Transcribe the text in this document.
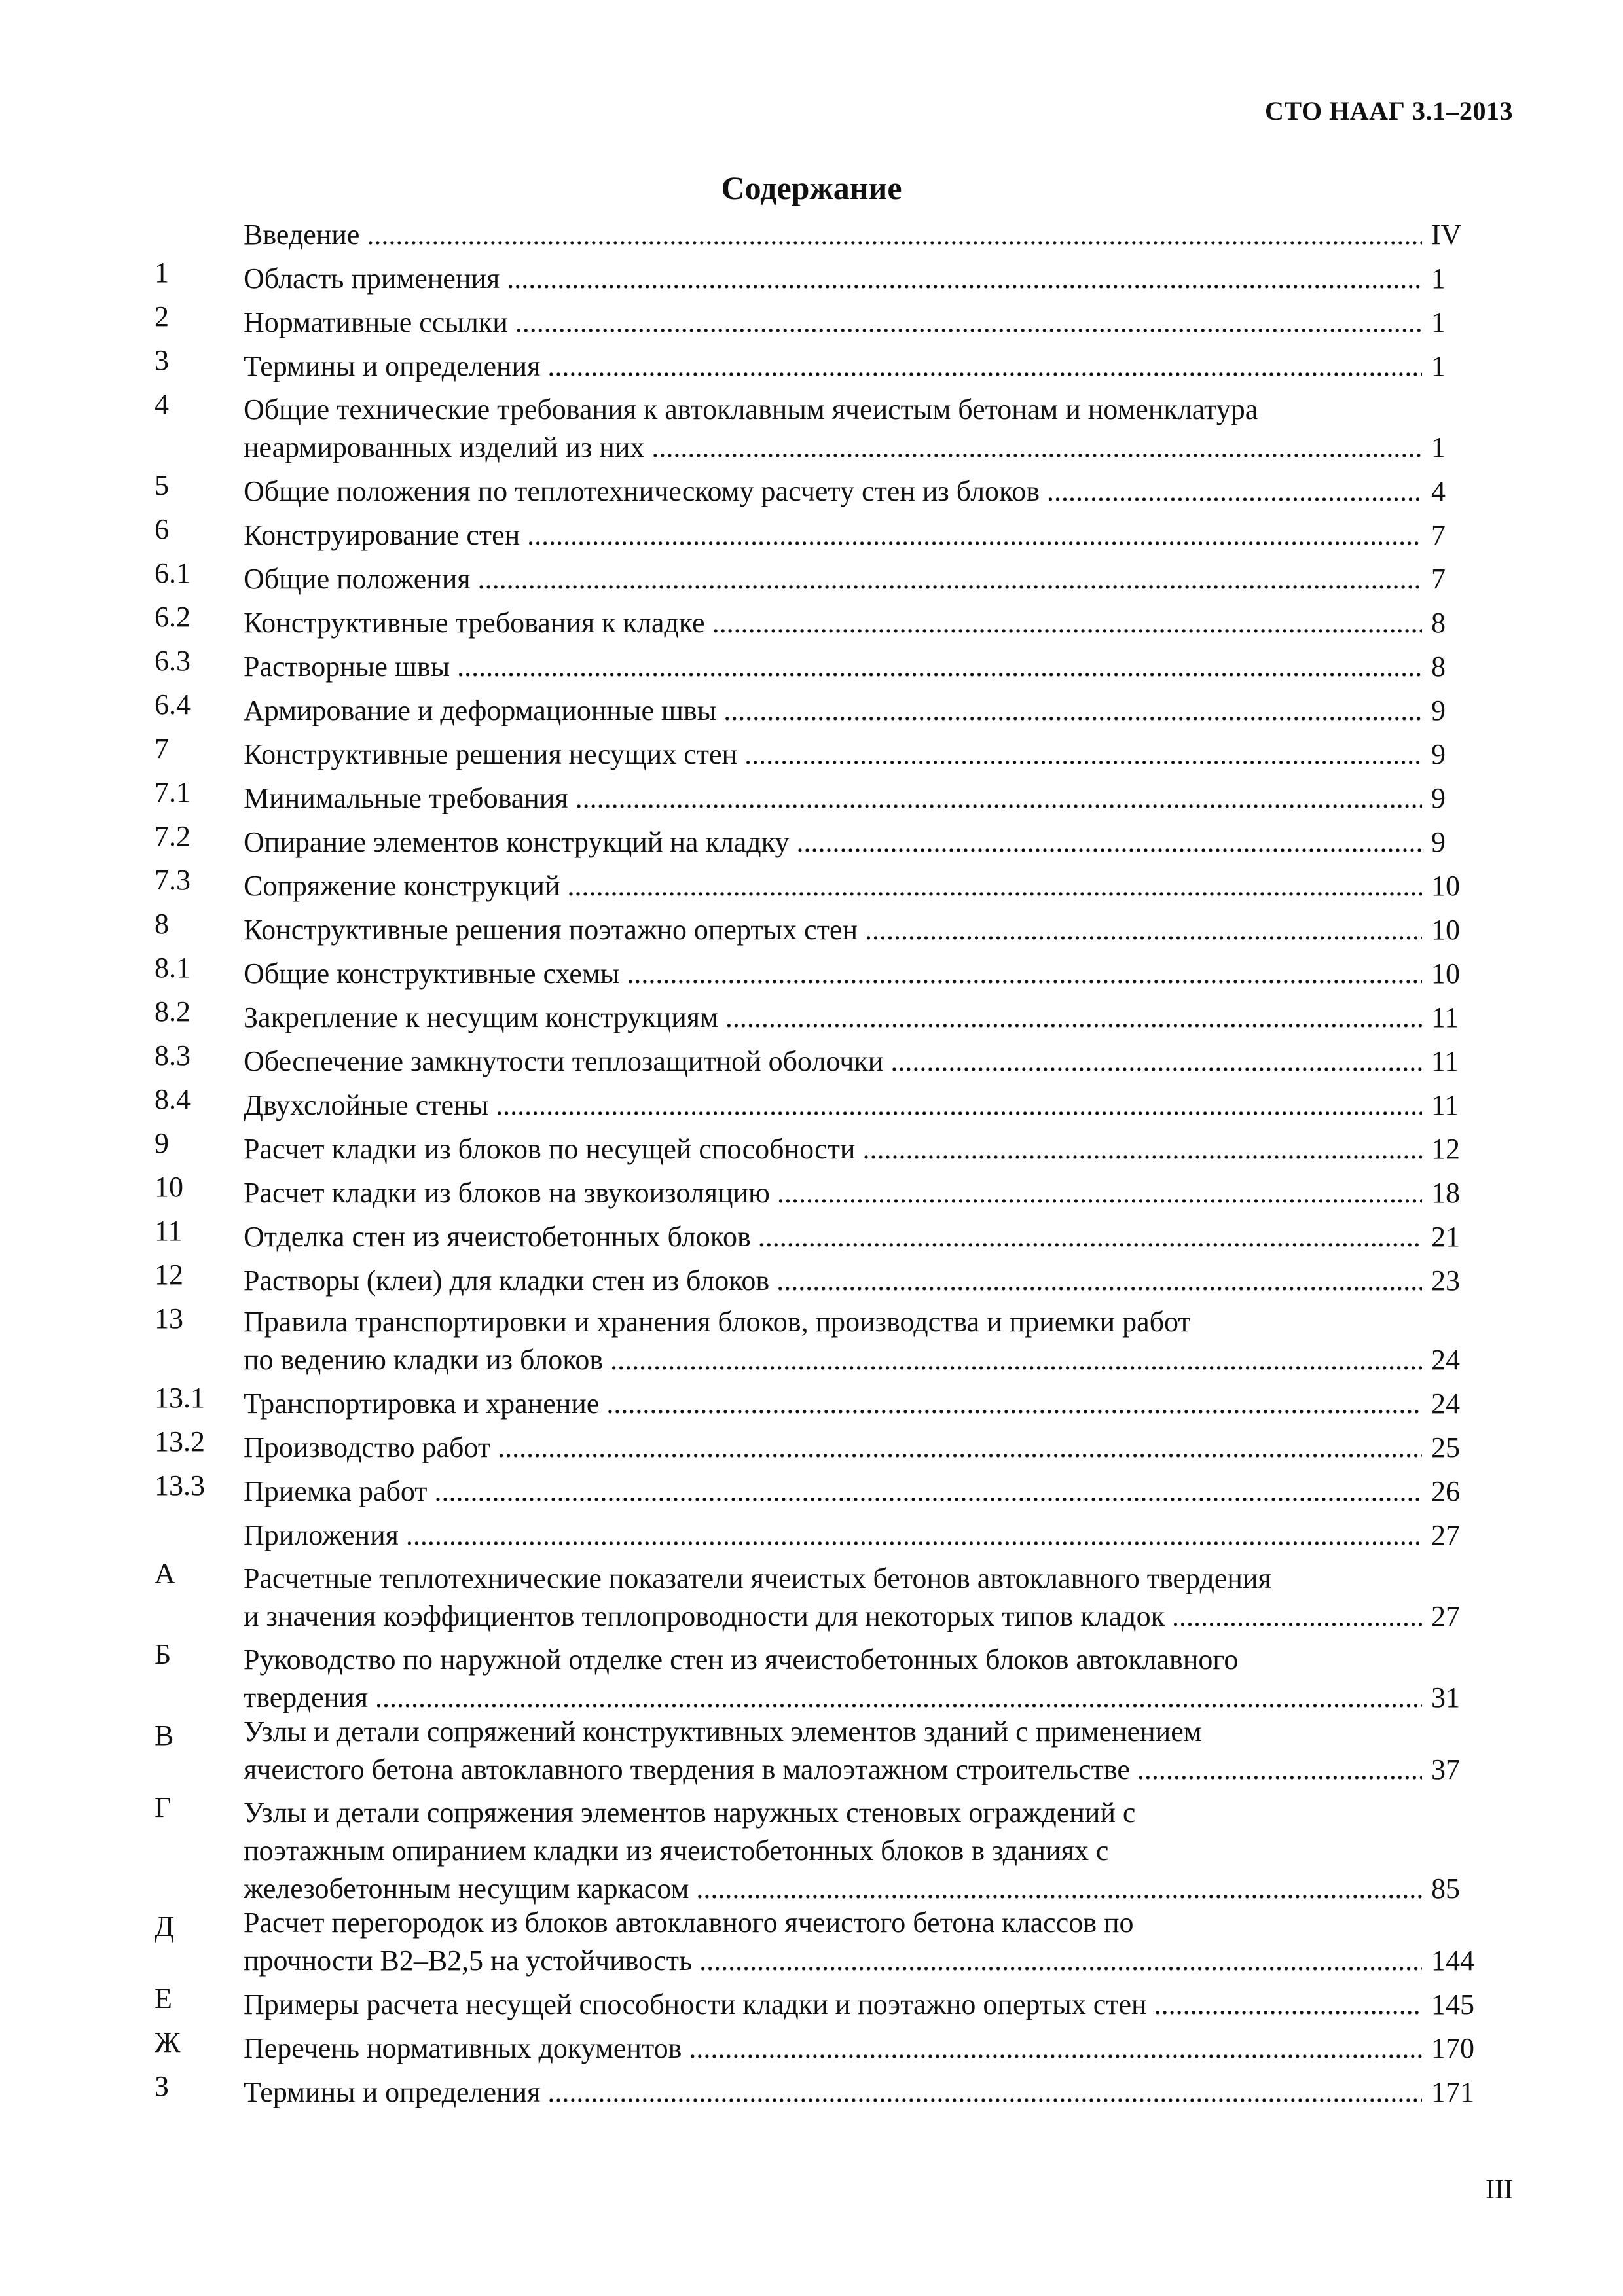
СТО НААГ 3.1–2013
Содержание
Введение .....	IV
1	Область применения .....	1
2	Нормативные ссылки .....	1
3	Термины и определения .....	1
4	Общие технические требования к автоклавным ячеистым бетонам и номенклатура
неармированных изделий из них .....	1
5	Общие положения по теплотехническому расчету стен из блоков .....	4
6	Конструирование стен .....	7
6.1	Общие положения .....	7
6.2	Конструктивные требования к кладке .....	8
6.3	Растворные швы .....	8
6.4	Армирование и деформационные швы .....	9
7	Конструктивные решения несущих стен .....	9
7.1	Минимальные требования .....	9
7.2	Опирание элементов конструкций на кладку .....	9
7.3	Сопряжение конструкций .....	10
8	Конструктивные решения поэтажно опертых стен .....	10
8.1	Общие конструктивные схемы .....	10
8.2	Закрепление к несущим конструкциям .....	11
8.3	Обеспечение замкнутости теплозащитной оболочки .....	11
8.4	Двухслойные стены .....	11
9	Расчет кладки из блоков по несущей способности .....	12
10	Расчет кладки из блоков на звукоизоляцию .....	18
11	Отделка стен из ячеистобетонных блоков .....	21
12	Растворы (клеи) для кладки стен из блоков .....	23
13	Правила транспортировки и хранения блоков, производства и приемки работ
по ведению кладки из блоков .....	24
13.1	Транспортировка и хранение .....	24
13.2	Производство работ .....	25
13.3	Приемка работ .....	26
Приложения .....	27
А	Расчетные теплотехнические показатели ячеистых бетонов автоклавного твердения
и значения коэффициентов теплопроводности для некоторых типов кладок .....	27
Б	Руководство по наружной отделке стен из ячеистобетонных блоков автоклавного
твердения .....	31
В	Узлы и детали сопряжений конструктивных элементов зданий с применением
ячеистого бетона автоклавного твердения в малоэтажном строительстве .....	37
Г	Узлы и детали сопряжения элементов наружных стеновых ограждений с
поэтажным опиранием кладки из ячеистобетонных блоков в зданиях с
железобетонным несущим каркасом .....	85
Д	Расчет перегородок из блоков автоклавного ячеистого бетона классов по
прочности В2–В2,5 на устойчивость .....	144
Е	Примеры расчета несущей способности кладки и поэтажно опертых стен .....	145
Ж	Перечень нормативных документов .....	170
З	Термины и определения .....	171
III
